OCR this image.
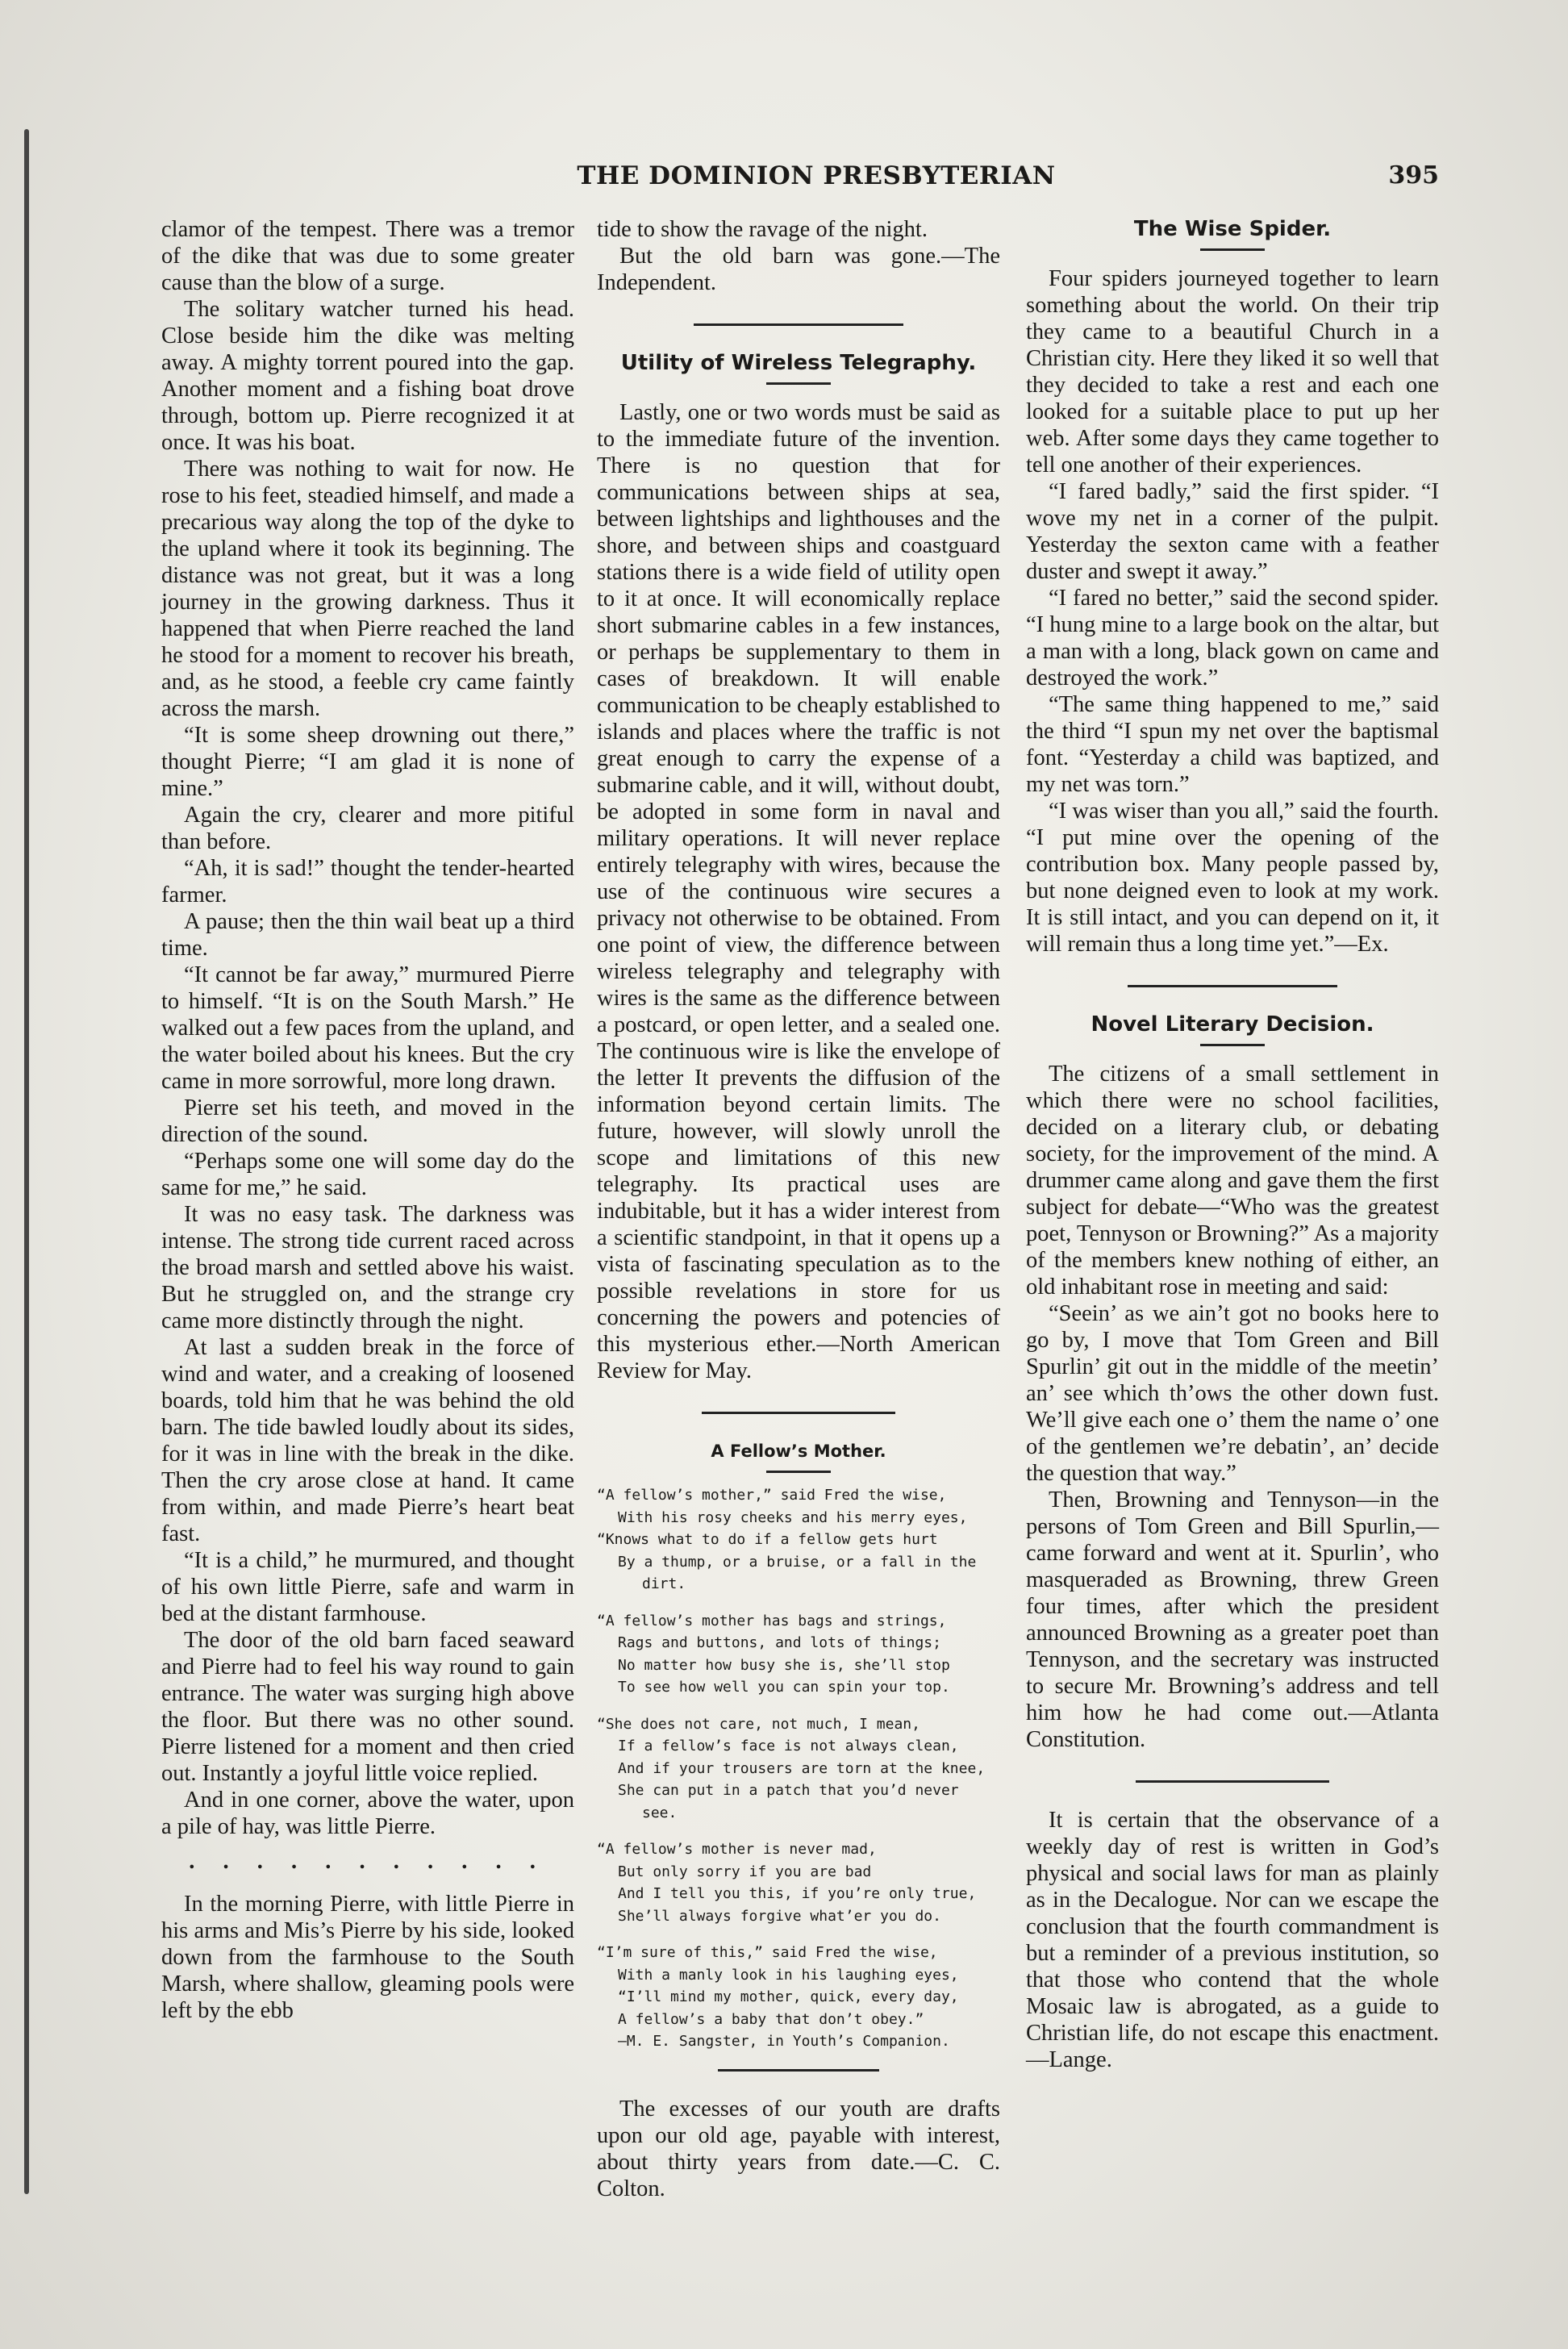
THE DOMINION PRESBYTERIAN	395

clamor of the tempest. There was a tremor of the dike that was due to some greater cause than the blow of a surge.

The solitary watcher turned his head. Close beside him the dike was melting away. A mighty torrent poured into the gap. Another moment and a fishing boat drove through, bottom up. Pierre recognized it at once. It was his boat.

There was nothing to wait for now. He rose to his feet, steadied himself, and made a precarious way along the top of the dyke to the upland where it took its beginning. The distance was not great, but it was a long journey in the growing darkness. Thus it happened that when Pierre reached the land he stood for a moment to recover his breath, and, as he stood, a feeble cry came faintly across the marsh.

“It is some sheep drowning out there,” thought Pierre; “I am glad it is none of mine.”

Again the cry, clearer and more pitiful than before.

“Ah, it is sad!” thought the tender-hearted farmer.

A pause; then the thin wail beat up a third time.

“It cannot be far away,” murmured Pierre to himself. “It is on the South Marsh.” He walked out a few paces from the upland, and the water boiled about his knees. But the cry came in more sorrowful, more long drawn.

Pierre set his teeth, and moved in the direction of the sound.

“Perhaps some one will some day do the same for me,” he said.

It was no easy task. The darkness was intense. The strong tide current raced across the broad marsh and settled above his waist. But he struggled on, and the strange cry came more distinctly through the night.

At last a sudden break in the force of wind and water, and a creaking of loosened boards, told him that he was behind the old barn. The tide bawled loudly about its sides, for it was in line with the break in the dike. Then the cry arose close at hand. It came from within, and made Pierre’s heart beat fast.

“It is a child,” he murmured, and thought of his own little Pierre, safe and warm in bed at the distant farmhouse.

The door of the old barn faced seaward and Pierre had to feel his way round to gain entrance. The water was surging high above the floor. But there was no other sound. Pierre listened for a moment and then cried out. Instantly a joyful little voice replied.

And in one corner, above the water, upon a pile of hay, was little Pierre.

. . . . . . . . . . .

In the morning Pierre, with little Pierre in his arms and Mis’s Pierre by his side, looked down from the farmhouse to the South Marsh, where shallow, gleaming pools were left by the ebb

tide to show the ravage of the night.

But the old barn was gone.—The Independent.

Utility of Wireless Telegraphy.

Lastly, one or two words must be said as to the immediate future of the invention. There is no question that for communications between ships at sea, between lightships and lighthouses and the shore, and between ships and coastguard stations there is a wide field of utility open to it at once. It will economically replace short submarine cables in a few instances, or perhaps be supplementary to them in cases of breakdown. It will enable communication to be cheaply established to islands and places where the traffic is not great enough to carry the expense of a submarine cable, and it will, without doubt, be adopted in some form in naval and military operations. It will never replace entirely telegraphy with wires, because the use of the continuous wire secures a privacy not otherwise to be obtained. From one point of view, the difference between wireless telegraphy and telegraphy with wires is the same as the difference between a postcard, or open letter, and a sealed one. The continuous wire is like the envelope of the letter It prevents the diffusion of the information beyond certain limits. The future, however, will slowly unroll the scope and limitations of this new telegraphy. Its practical uses are indubitable, but it has a wider interest from a scientific standpoint, in that it opens up a vista of fascinating speculation as to the possible revelations in store for us concerning the powers and potencies of this mysterious ether.—North American Review for May.

A Fellow’s Mother.
“A fellow’s mother,” said Fred the wise,
With his rosy cheeks and his merry eyes,
“Knows what to do if a fellow gets hurt
By a thump, or a bruise, or a fall in the
dirt.
“A fellow’s mother has bags and strings,
Rags and buttons, and lots of things;
No matter how busy she is, she’ll stop
To see how well you can spin your top.
“She does not care, not much, I mean,
If a fellow’s face is not always clean,
And if your trousers are torn at the knee,
She can put in a patch that you’d never
see.
“A fellow’s mother is never mad,
But only sorry if you are bad
And I tell you this, if you’re only true,
She’ll always forgive what’er you do.
“I’m sure of this,” said Fred the wise,
With a manly look in his laughing eyes,
“I’ll mind my mother, quick, every day,
A fellow’s a baby that don’t obey.”
—M. E. Sangster, in Youth’s Companion.

The excesses of our youth are drafts upon our old age, payable with interest, about thirty years from date.—C. C. Colton.

The Wise Spider.

Four spiders journeyed together to learn something about the world. On their trip they came to a beautiful Church in a Christian city. Here they liked it so well that they decided to take a rest and each one looked for a suitable place to put up her web. After some days they came together to tell one another of their experiences.

“I fared badly,” said the first spider. “I wove my net in a corner of the pulpit. Yesterday the sexton came with a feather duster and swept it away.”

“I fared no better,” said the second spider. “I hung mine to a large book on the altar, but a man with a long, black gown on came and destroyed the work.”

“The same thing happened to me,” said the third “I spun my net over the baptismal font. “Yesterday a child was baptized, and my net was torn.”

“I was wiser than you all,” said the fourth. “I put mine over the opening of the contribution box. Many people passed by, but none deigned even to look at my work. It is still intact, and you can depend on it, it will remain thus a long time yet.”—Ex.

Novel Literary Decision.

The citizens of a small settlement in which there were no school facilities, decided on a literary club, or debating society, for the improvement of the mind. A drummer came along and gave them the first subject for debate—“Who was the greatest poet, Tennyson or Browning?” As a majority of the members knew nothing of either, an old inhabitant rose in meeting and said:

“Seein’ as we ain’t got no books here to go by, I move that Tom Green and Bill Spurlin’ git out in the middle of the meetin’ an’ see which th’ows the other down fust. We’ll give each one o’ them the name o’ one of the gentlemen we’re debatin’, an’ decide the question that way.”

Then, Browning and Tennyson—in the persons of Tom Green and Bill Spurlin,—came forward and went at it. Spurlin’, who masqueraded as Browning, threw Green four times, after which the president announced Browning as a greater poet than Tennyson, and the secretary was instructed to secure Mr. Browning’s address and tell him how he had come out.—Atlanta Constitution.

It is certain that the observance of a weekly day of rest is written in God’s physical and social laws for man as plainly as in the Decalogue. Nor can we escape the conclusion that the fourth commandment is but a reminder of a previous institution, so that those who contend that the whole Mosaic law is abrogated, as a guide to Christian life, do not escape this enactment.—Lange.
